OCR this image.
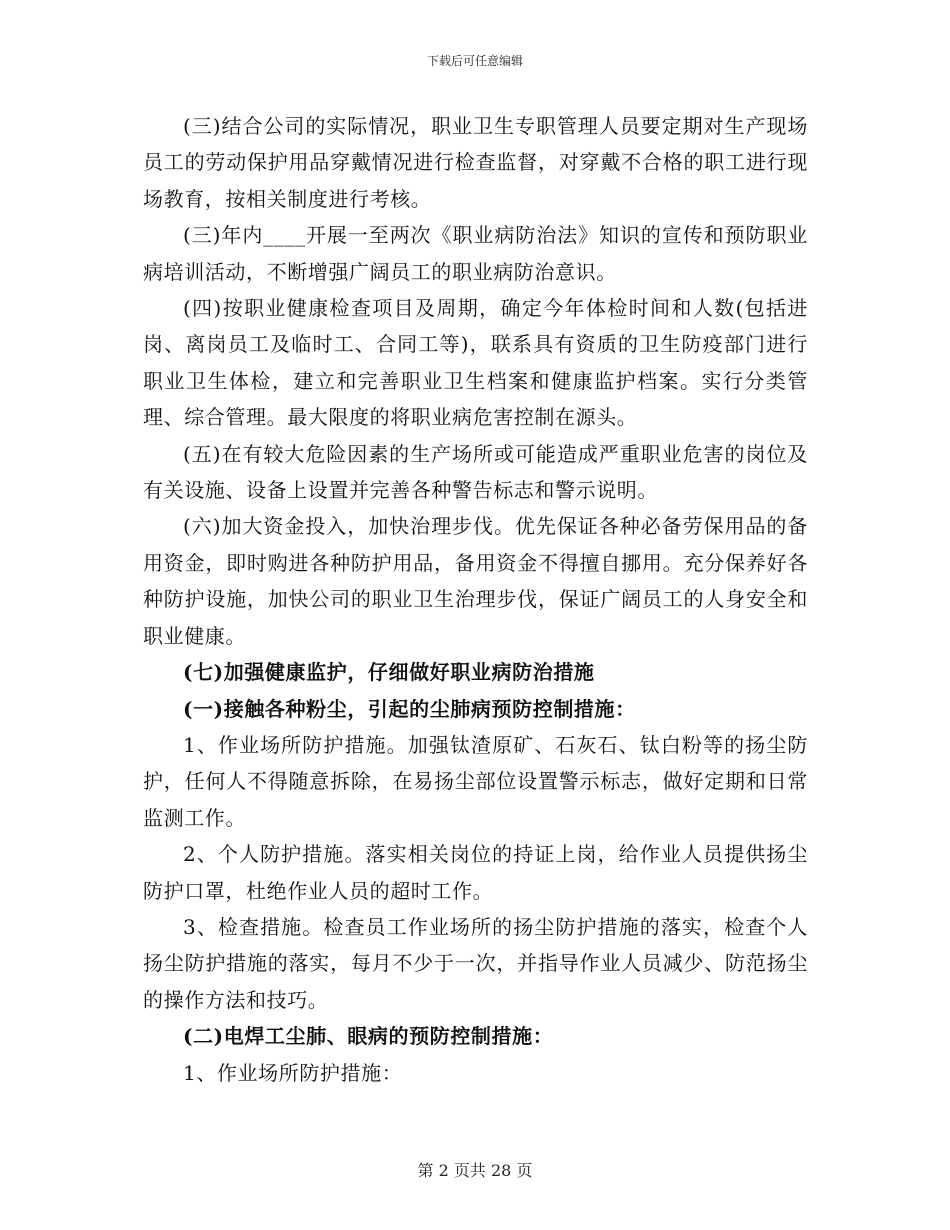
下载后可任意编辑

(三)结合公司的实际情况，职业卫生专职管理人员要定期对生产现场员工的劳动保护用品穿戴情况进行检查监督，对穿戴不合格的职工进行现场教育，按相关制度进行考核。

(三)年内____开展一至两次《职业病防治法》知识的宣传和预防职业病培训活动，不断增强广阔员工的职业病防治意识。

(四)按职业健康检查项目及周期，确定今年体检时间和人数(包括进岗、离岗员工及临时工、合同工等)，联系具有资质的卫生防疫部门进行职业卫生体检，建立和完善职业卫生档案和健康监护档案。实行分类管理、综合管理。最大限度的将职业病危害控制在源头。

(五)在有较大危险因素的生产场所或可能造成严重职业危害的岗位及有关设施、设备上设置并完善各种警告标志和警示说明。

(六)加大资金投入，加快治理步伐。优先保证各种必备劳保用品的备用资金，即时购进各种防护用品，备用资金不得擅自挪用。充分保养好各种防护设施，加快公司的职业卫生治理步伐，保证广阔员工的人身安全和职业健康。

(七)加强健康监护，仔细做好职业病防治措施

(一)接触各种粉尘，引起的尘肺病预防控制措施：

1、作业场所防护措施。加强钛渣原矿、石灰石、钛白粉等的扬尘防护，任何人不得随意拆除，在易扬尘部位设置警示标志，做好定期和日常监测工作。

2、个人防护措施。落实相关岗位的持证上岗，给作业人员提供扬尘防护口罩，杜绝作业人员的超时工作。

3、检查措施。检查员工作业场所的扬尘防护措施的落实，检查个人扬尘防护措施的落实，每月不少于一次，并指导作业人员减少、防范扬尘的操作方法和技巧。

(二)电焊工尘肺、眼病的预防控制措施：

1、作业场所防护措施：

第 2 页共 28 页
